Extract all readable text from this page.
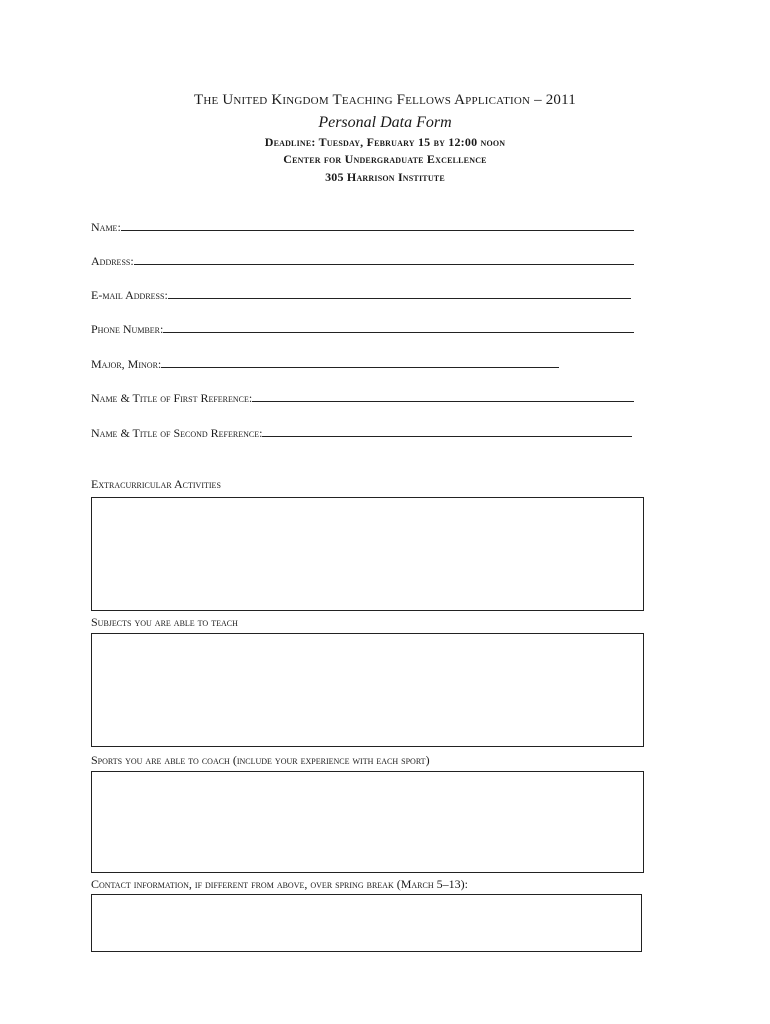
The United Kingdom Teaching Fellows Application – 2011
Personal Data Form
Deadline: Tuesday, February 15 by 12:00 noon
Center for Undergraduate Excellence
305 Harrison Institute
Name:
Address:
E-mail Address:
Phone Number:
Major, Minor:
Name & Title of First Reference:
Name & Title of Second Reference:
Extracurricular Activities
Subjects you are able to teach
Sports you are able to coach (include your experience with each sport)
Contact information, if different from above, over spring break (March 5–13):
